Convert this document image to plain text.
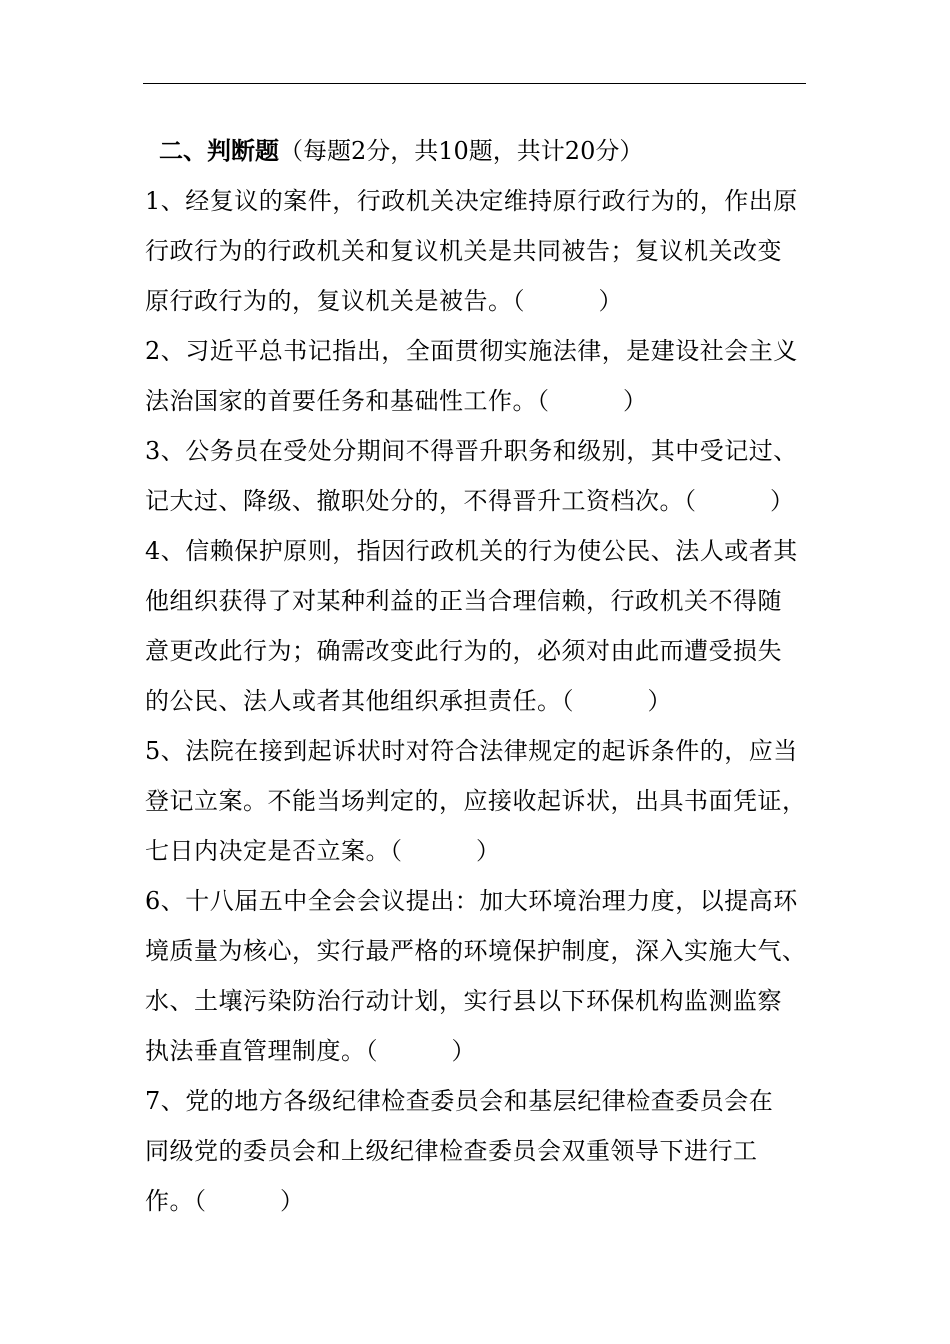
二、判断题（每题2分，共10题，共计20分）
1、经复议的案件，行政机关决定维持原行政行为的，作出原
行政行为的行政机关和复议机关是共同被告；复议机关改变
原行政行为的，复议机关是被告。（　　　）
2、习近平总书记指出，全面贯彻实施法律，是建设社会主义
法治国家的首要任务和基础性工作。（　　　）
3、公务员在受处分期间不得晋升职务和级别，其中受记过、
记大过、降级、撤职处分的，不得晋升工资档次。（　　　）
4、信赖保护原则，指因行政机关的行为使公民、法人或者其
他组织获得了对某种利益的正当合理信赖，行政机关不得随
意更改此行为；确需改变此行为的，必须对由此而遭受损失
的公民、法人或者其他组织承担责任。（　　　）
5、法院在接到起诉状时对符合法律规定的起诉条件的，应当
登记立案。不能当场判定的，应接收起诉状，出具书面凭证，
七日内决定是否立案。（　　　）
6、十八届五中全会会议提出：加大环境治理力度，以提高环
境质量为核心，实行最严格的环境保护制度，深入实施大气、
水、土壤污染防治行动计划，实行县以下环保机构监测监察
执法垂直管理制度。（　　　）
7、党的地方各级纪律检查委员会和基层纪律检查委员会在
同级党的委员会和上级纪律检查委员会双重领导下进行工
作。（　　　）
